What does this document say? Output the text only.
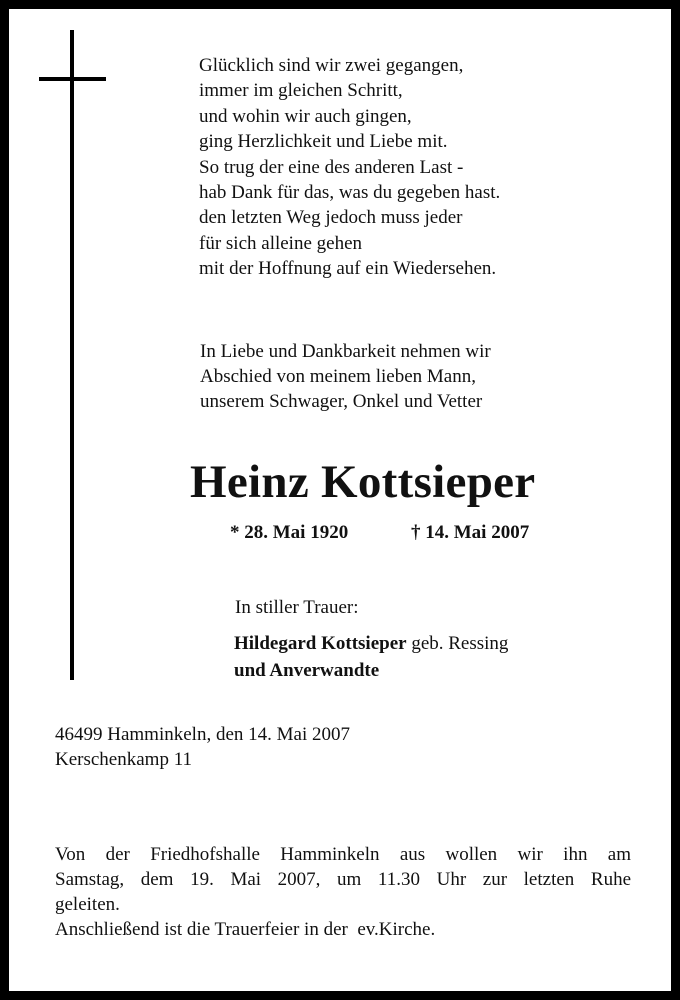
Glücklich sind wir zwei gegangen,
immer im gleichen Schritt,
und wohin wir auch gingen,
ging Herzlichkeit und Liebe mit.
So trug der eine des anderen Last -
hab Dank für das, was du gegeben hast.
den letzten Weg jedoch muss jeder
für sich alleine gehen
mit der Hoffnung auf ein Wiedersehen.
In Liebe und Dankbarkeit nehmen wir
Abschied von meinem lieben Mann,
unserem Schwager, Onkel und Vetter
Heinz Kottsieper
* 28. Mai 1920	† 14. Mai 2007
In stiller Trauer:
Hildegard Kottsieper geb. Ressing
und Anverwandte
46499 Hamminkeln, den 14. Mai 2007
Kerschenkamp 11
Von der Friedhofshalle Hamminkeln aus wollen wir ihn am
Samstag, dem 19. Mai 2007, um 11.30 Uhr zur letzten Ruhe
geleiten.
Anschließend ist die Trauerfeier in der  ev.Kirche.
